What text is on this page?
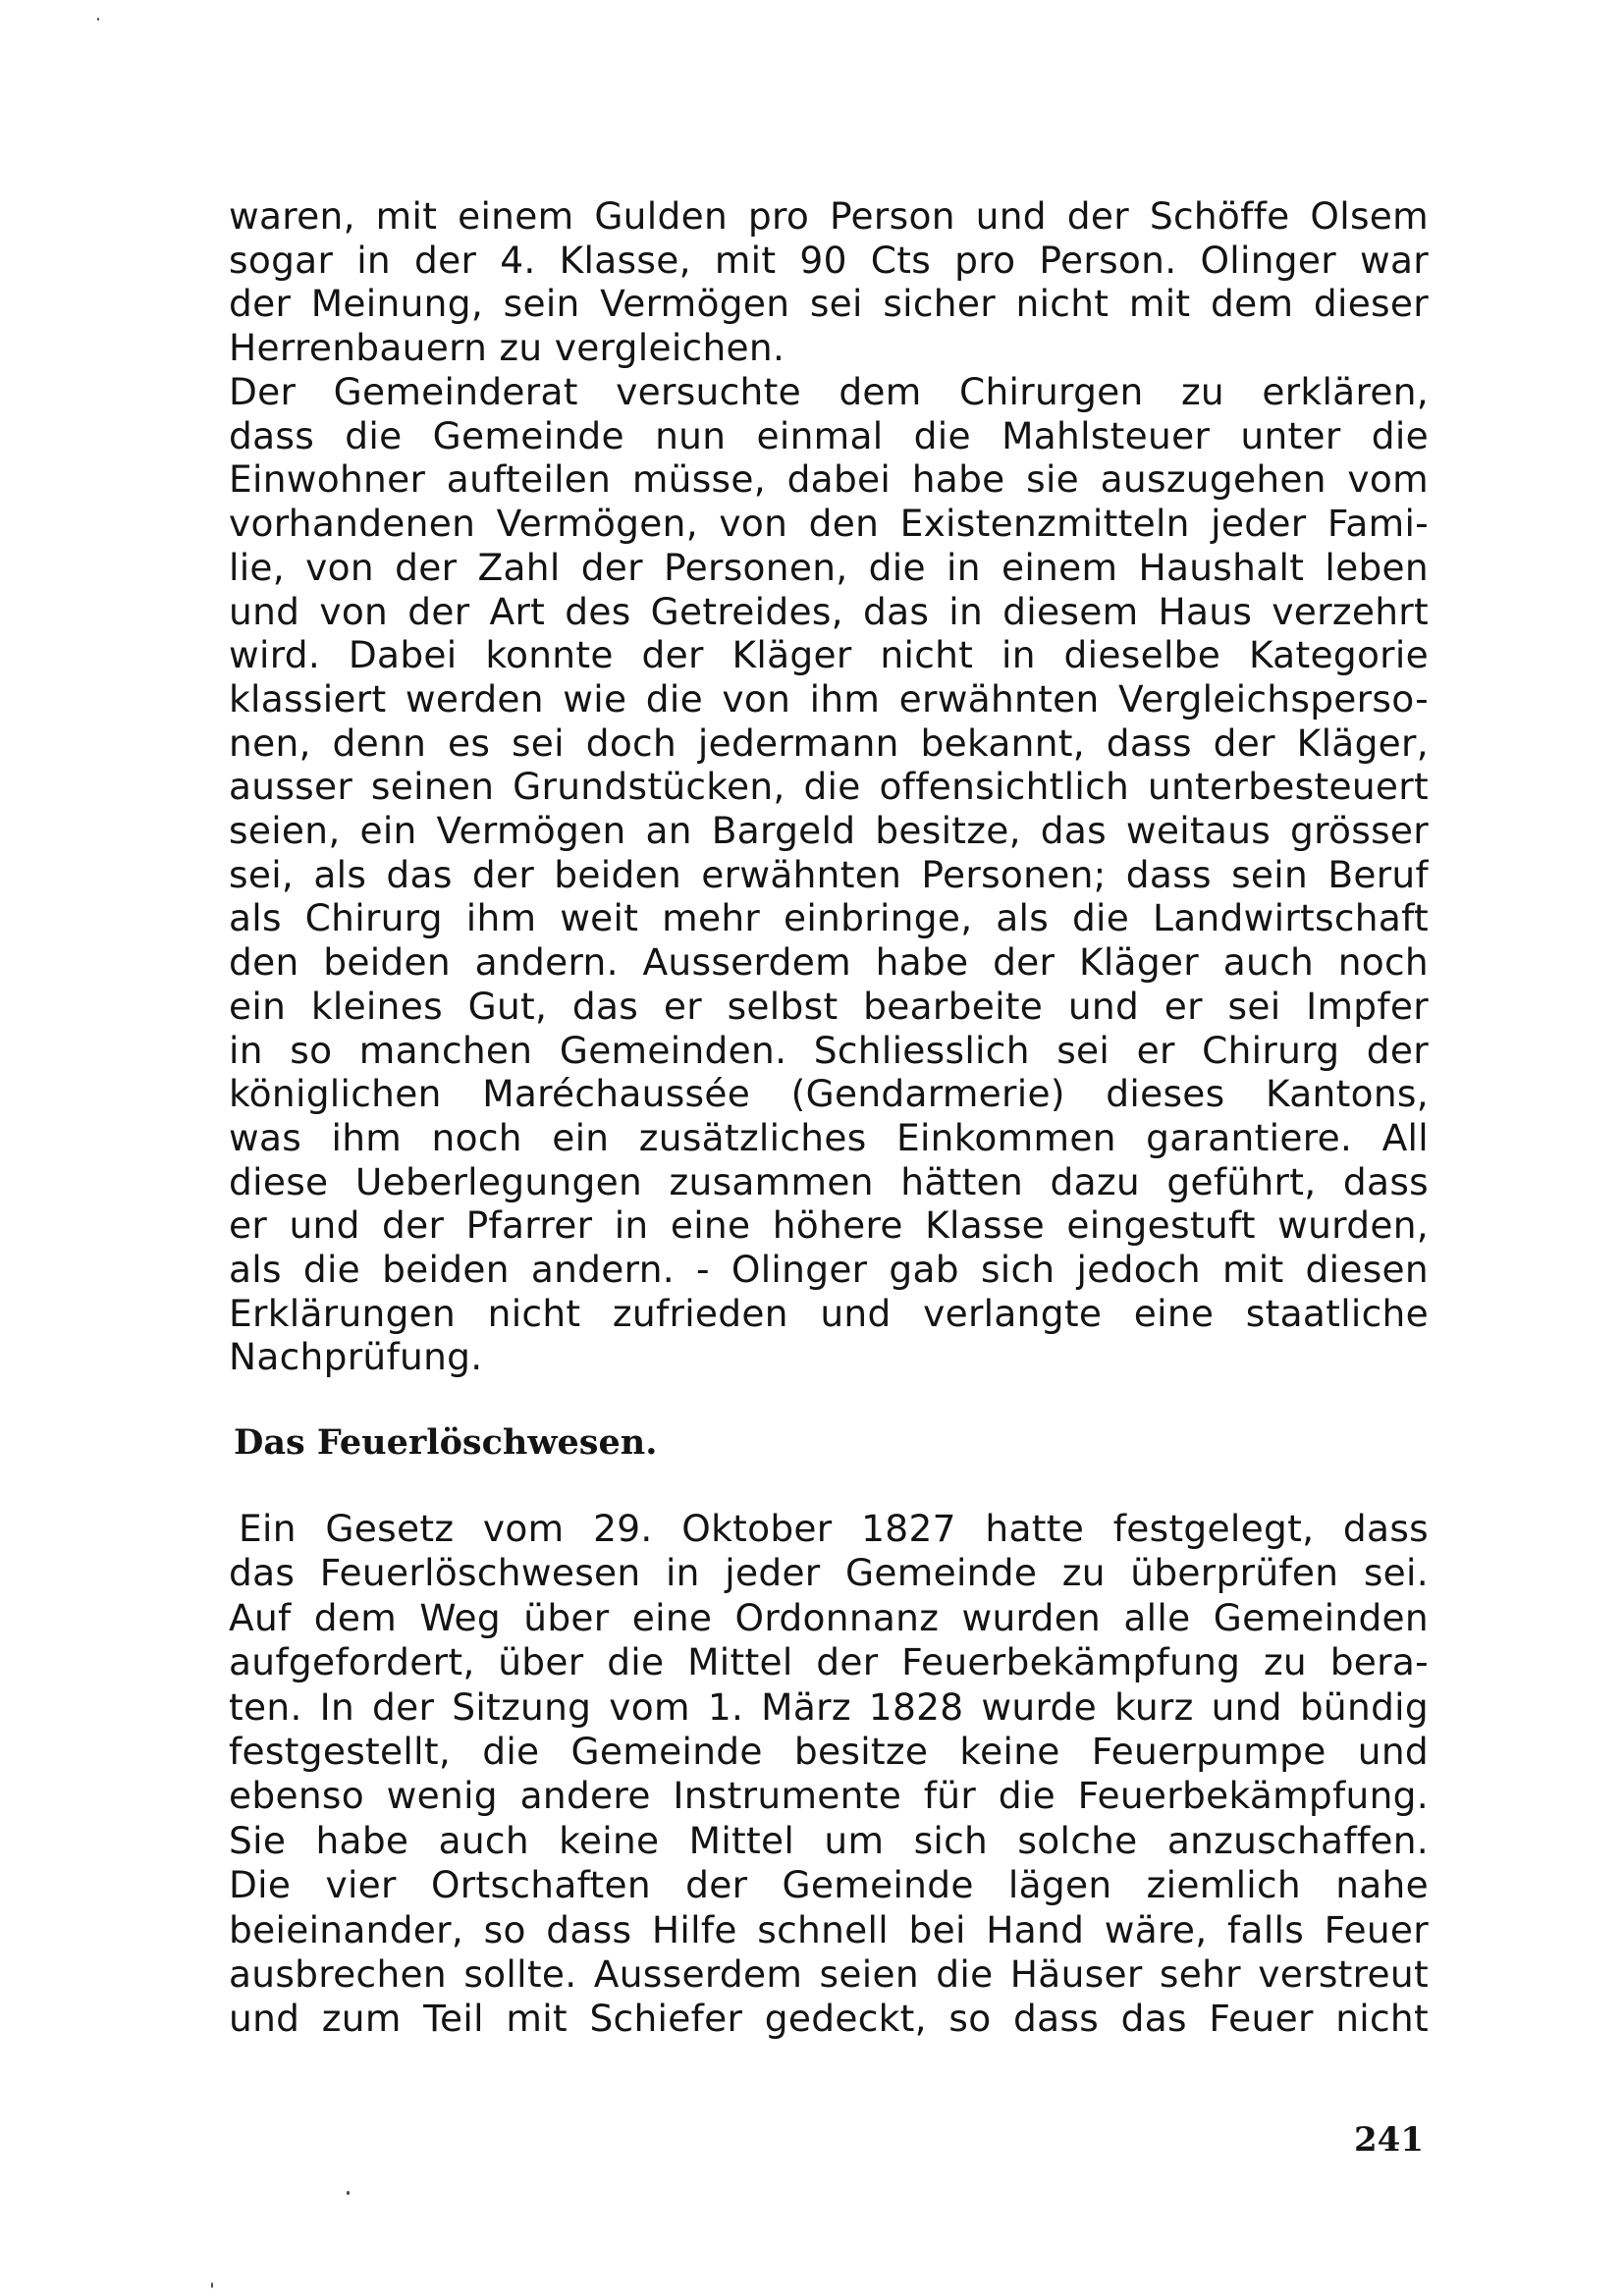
waren, mit einem Gulden pro Person und der Schöffe Olsem
sogar in der 4. Klasse, mit 90 Cts pro Person. Olinger war
der Meinung, sein Vermögen sei sicher nicht mit dem dieser
Herrenbauern zu vergleichen.
Der Gemeinderat versuchte dem Chirurgen zu erklären,
dass die Gemeinde nun einmal die Mahlsteuer unter die
Einwohner aufteilen müsse, dabei habe sie auszugehen vom
vorhandenen Vermögen, von den Existenzmitteln jeder Fami-
lie, von der Zahl der Personen, die in einem Haushalt leben
und von der Art des Getreides, das in diesem Haus verzehrt
wird. Dabei konnte der Kläger nicht in dieselbe Kategorie
klassiert werden wie die von ihm erwähnten Vergleichsperso-
nen, denn es sei doch jedermann bekannt, dass der Kläger,
ausser seinen Grundstücken, die offensichtlich unterbesteuert
seien, ein Vermögen an Bargeld besitze, das weitaus grösser
sei, als das der beiden erwähnten Personen; dass sein Beruf
als Chirurg ihm weit mehr einbringe, als die Landwirtschaft
den beiden andern. Ausserdem habe der Kläger auch noch
ein kleines Gut, das er selbst bearbeite und er sei Impfer
in so manchen Gemeinden. Schliesslich sei er Chirurg der
königlichen Maréchaussée (Gendarmerie) dieses Kantons,
was ihm noch ein zusätzliches Einkommen garantiere. All
diese Ueberlegungen zusammen hätten dazu geführt, dass
er und der Pfarrer in eine höhere Klasse eingestuft wurden,
als die beiden andern. - Olinger gab sich jedoch mit diesen
Erklärungen nicht zufrieden und verlangte eine staatliche
Nachprüfung.
Das Feuerlöschwesen.
Ein Gesetz vom 29. Oktober 1827 hatte festgelegt, dass
das Feuerlöschwesen in jeder Gemeinde zu überprüfen sei.
Auf dem Weg über eine Ordonnanz wurden alle Gemeinden
aufgefordert, über die Mittel der Feuerbekämpfung zu bera-
ten. In der Sitzung vom 1. März 1828 wurde kurz und bündig
festgestellt, die Gemeinde besitze keine Feuerpumpe und
ebenso wenig andere Instrumente für die Feuerbekämpfung.
Sie habe auch keine Mittel um sich solche anzuschaffen.
Die vier Ortschaften der Gemeinde lägen ziemlich nahe
beieinander, so dass Hilfe schnell bei Hand wäre, falls Feuer
ausbrechen sollte. Ausserdem seien die Häuser sehr verstreut
und zum Teil mit Schiefer gedeckt, so dass das Feuer nicht
241
